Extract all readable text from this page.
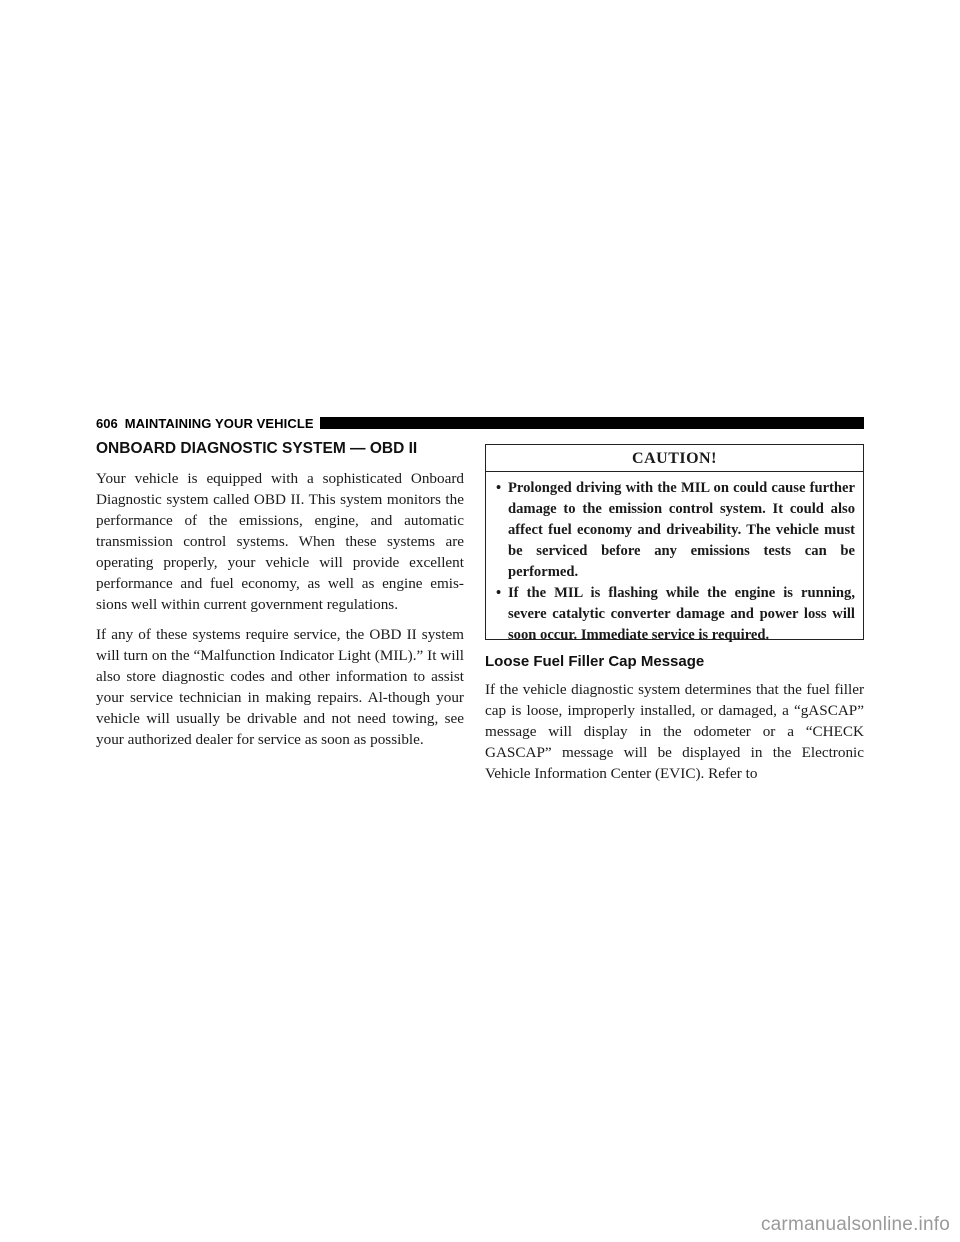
606 MAINTAINING YOUR VEHICLE
ONBOARD DIAGNOSTIC SYSTEM — OBD II

Your vehicle is equipped with a sophisticated Onboard Diagnostic system called OBD II. This system monitors the performance of the emissions, engine, and automatic transmission control systems. When these systems are operating properly, your vehicle will provide excellent performance and fuel economy, as well as engine emis-sions well within current government regulations.

If any of these systems require service, the OBD II system will turn on the “Malfunction Indicator Light (MIL).” It will also store diagnostic codes and other information to assist your service technician in making repairs. Al-though your vehicle will usually be drivable and not need towing, see your authorized dealer for service as soon as possible.

CAUTION!
• Prolonged driving with the MIL on could cause further damage to the emission control system. It could also affect fuel economy and driveability. The vehicle must be serviced before any emissions tests can be performed.
• If the MIL is flashing while the engine is running, severe catalytic converter damage and power loss will soon occur. Immediate service is required.
Loose Fuel Filler Cap Message

If the vehicle diagnostic system determines that the fuel filler cap is loose, improperly installed, or damaged, a “gASCAP” message will display in the odometer or a “CHECK GASCAP” message will be displayed in the Electronic Vehicle Information Center (EVIC). Refer to

carmanualsonline.info
